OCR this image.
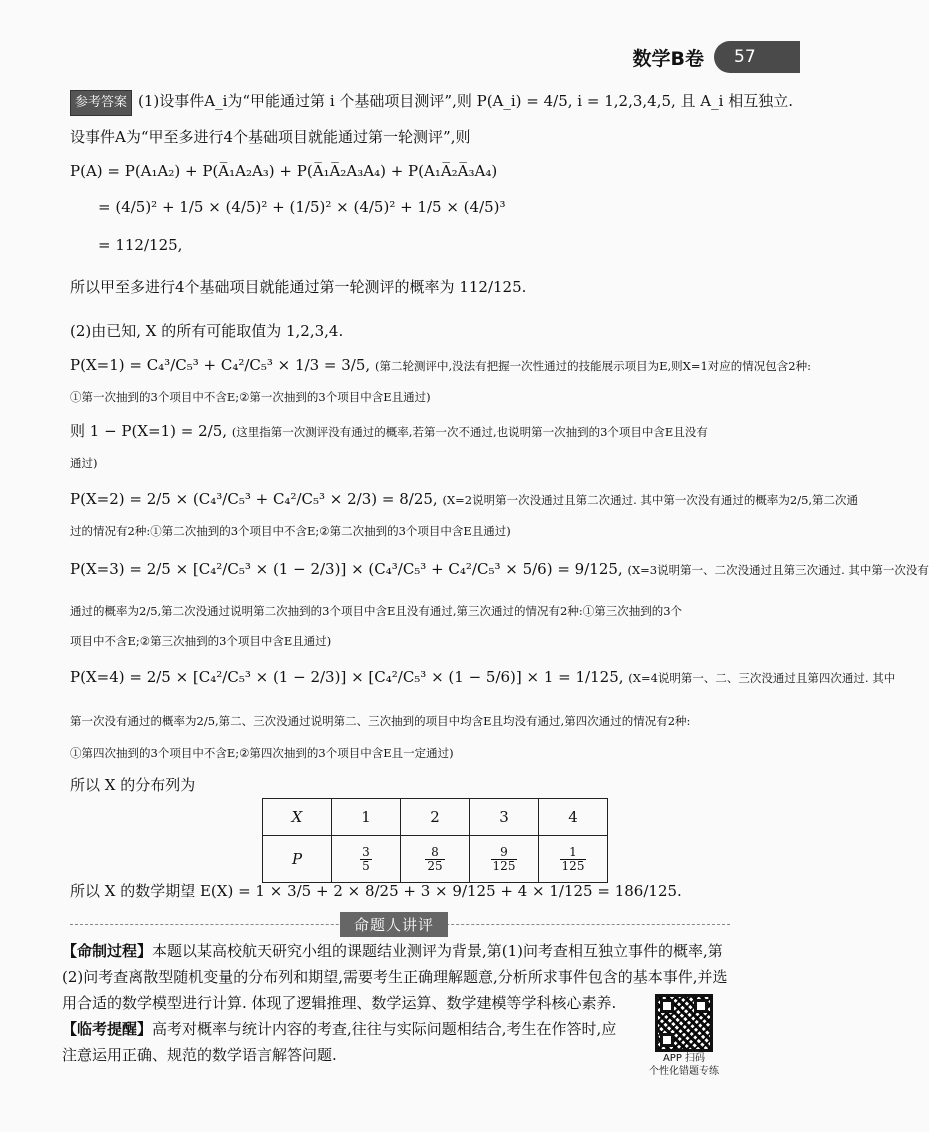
数学B卷	57
参考答案 (1)设事件A_i为“甲能通过第 i 个基础项目测评”,则 P(A_i) = 4/5, i = 1,2,3,4,5, 且 A_i 相互独立.
设事件A为“甲至多进行4个基础项目就能通过第一轮测评”,则
P(A) = P(A₁A₂) + P(A̅₁A₂A₃) + P(A̅₁A̅₂A₃A₄) + P(A₁A̅₂A̅₃A₄)
= (4/5)² + 1/5 × (4/5)² + (1/5)² × (4/5)² + 1/5 × (4/5)³
= 112/125,
所以甲至多进行4个基础项目就能通过第一轮测评的概率为 112/125.
(2)由已知, X 的所有可能取值为 1,2,3,4.
P(X=1) = C₄³/C₅³ + C₄²/C₅³ × 1/3 = 3/5, (第二轮测评中,没法有把握一次性通过的技能展示项目为E,则X=1对应的情况包含2种:
①第一次抽到的3个项目中不含E;②第一次抽到的3个项目中含E且通过)
则 1 − P(X=1) = 2/5, (这里指第一次测评没有通过的概率,若第一次不通过,也说明第一次抽到的3个项目中含E且没有
通过)
P(X=2) = 2/5 × (C₄³/C₅³ + C₄²/C₅³ × 2/3) = 8/25, (X=2说明第一次没通过且第二次通过. 其中第一次没有通过的概率为2/5,第二次通
过的情况有2种:①第二次抽到的3个项目中不含E;②第二次抽到的3个项目中含E且通过)
P(X=3) = 2/5 × [C₄²/C₅³ × (1 − 2/3)] × (C₄³/C₅³ + C₄²/C₅³ × 5/6) = 9/125, (X=3说明第一、二次没通过且第三次通过. 其中第一次没有
通过的概率为2/5,第二次没通过说明第二次抽到的3个项目中含E且没有通过,第三次通过的情况有2种:①第三次抽到的3个
项目中不含E;②第三次抽到的3个项目中含E且通过)
P(X=4) = 2/5 × [C₄²/C₅³ × (1 − 2/3)] × [C₄²/C₅³ × (1 − 5/6)] × 1 = 1/125, (X=4说明第一、二、三次没通过且第四次通过. 其中
第一次没有通过的概率为2/5,第二、三次没通过说明第二、三次抽到的项目中均含E且均没有通过,第四次通过的情况有2种:
①第四次抽到的3个项目中不含E;②第四次抽到的3个项目中含E且一定通过)
所以 X 的分布列为
X	1	2	3	4
P	$\frac{3}{5}$	$\frac{8}{25}$	$\frac{9}{125}$	$\frac{1}{125}$
所以 X 的数学期望 E(X) = 1 × 3/5 + 2 × 8/25 + 3 × 9/125 + 4 × 1/125 = 186/125.
命题人讲评
【命制过程】本题以某高校航天研究小组的课题结业测评为背景,第(1)问考查相互独立事件的概率,第(2)问考查离散型随机变量的分布列和期望,需要考生正确理解题意,分析所求事件包含的基本事件,并选用合适的数学模型进行计算. 体现了逻辑推理、数学运算、数学建模等学科核心素养.
【临考提醒】高考对概率与统计内容的考查,往往与实际问题相结合,考生在作答时,应注意运用正确、规范的数学语言解答问题.	APP 扫码
个性化错题专练
